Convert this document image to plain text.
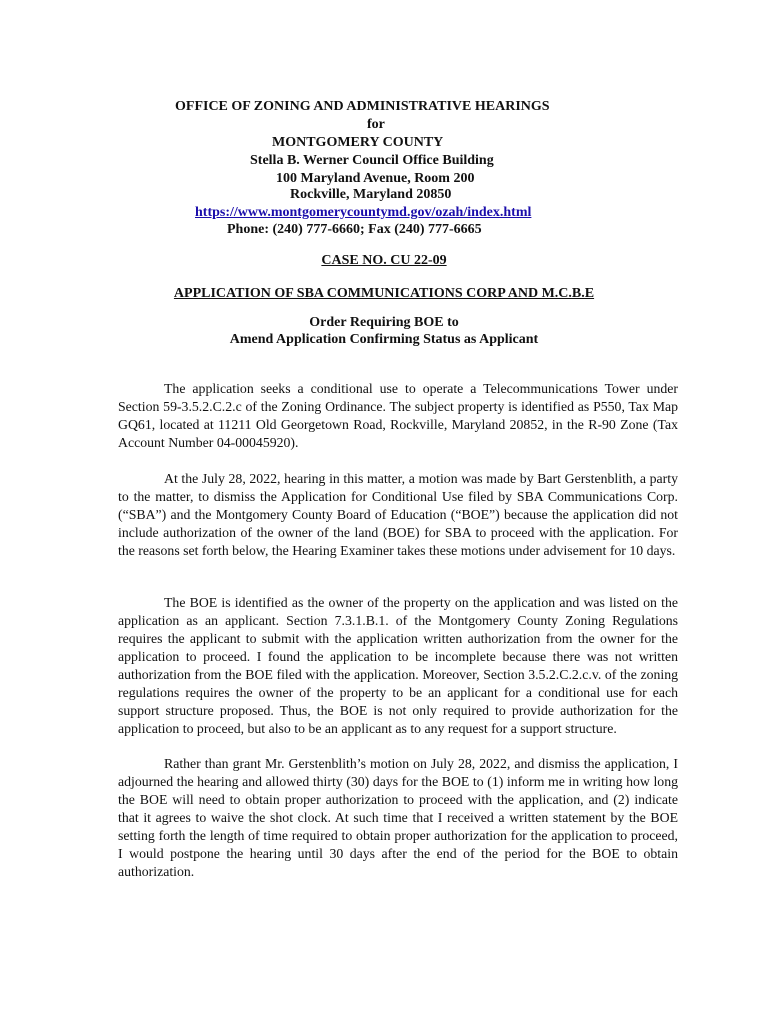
OFFICE OF ZONING AND ADMINISTRATIVE HEARINGS
for
MONTGOMERY COUNTY
Stella B. Werner Council Office Building
100 Maryland Avenue, Room 200
Rockville, Maryland 20850
https://www.montgomerycountymd.gov/ozah/index.html
Phone: (240) 777-6660; Fax (240) 777-6665
CASE NO. CU 22-09
APPLICATION OF SBA COMMUNICATIONS CORP AND M.C.B.E
Order Requiring BOE to
Amend Application Confirming Status as Applicant

The application seeks a conditional use to operate a Telecommunications Tower under Section 59-3.5.2.C.2.c of the Zoning Ordinance. The subject property is identified as P550, Tax Map GQ61, located at 11211 Old Georgetown Road, Rockville, Maryland 20852, in the R-90 Zone (Tax Account Number 04-00045920).

At the July 28, 2022, hearing in this matter, a motion was made by Bart Gerstenblith, a party to the matter, to dismiss the Application for Conditional Use filed by SBA Communications Corp. (“SBA”) and the Montgomery County Board of Education (“BOE”) because the application did not include authorization of the owner of the land (BOE) for SBA to proceed with the application. For the reasons set forth below, the Hearing Examiner takes these motions under advisement for 10 days.

The BOE is identified as the owner of the property on the application and was listed on the application as an applicant. Section 7.3.1.B.1. of the Montgomery County Zoning Regulations requires the applicant to submit with the application written authorization from the owner for the application to proceed. I found the application to be incomplete because there was not written authorization from the BOE filed with the application. Moreover, Section 3.5.2.C.2.c.v. of the zoning regulations requires the owner of the property to be an applicant for a conditional use for each support structure proposed. Thus, the BOE is not only required to provide authorization for the application to proceed, but also to be an applicant as to any request for a support structure.

Rather than grant Mr. Gerstenblith’s motion on July 28, 2022, and dismiss the application, I adjourned the hearing and allowed thirty (30) days for the BOE to (1) inform me in writing how long the BOE will need to obtain proper authorization to proceed with the application, and (2) indicate that it agrees to waive the shot clock. At such time that I received a written statement by the BOE setting forth the length of time required to obtain proper authorization for the application to proceed, I would postpone the hearing until 30 days after the end of the period for the BOE to obtain authorization.
